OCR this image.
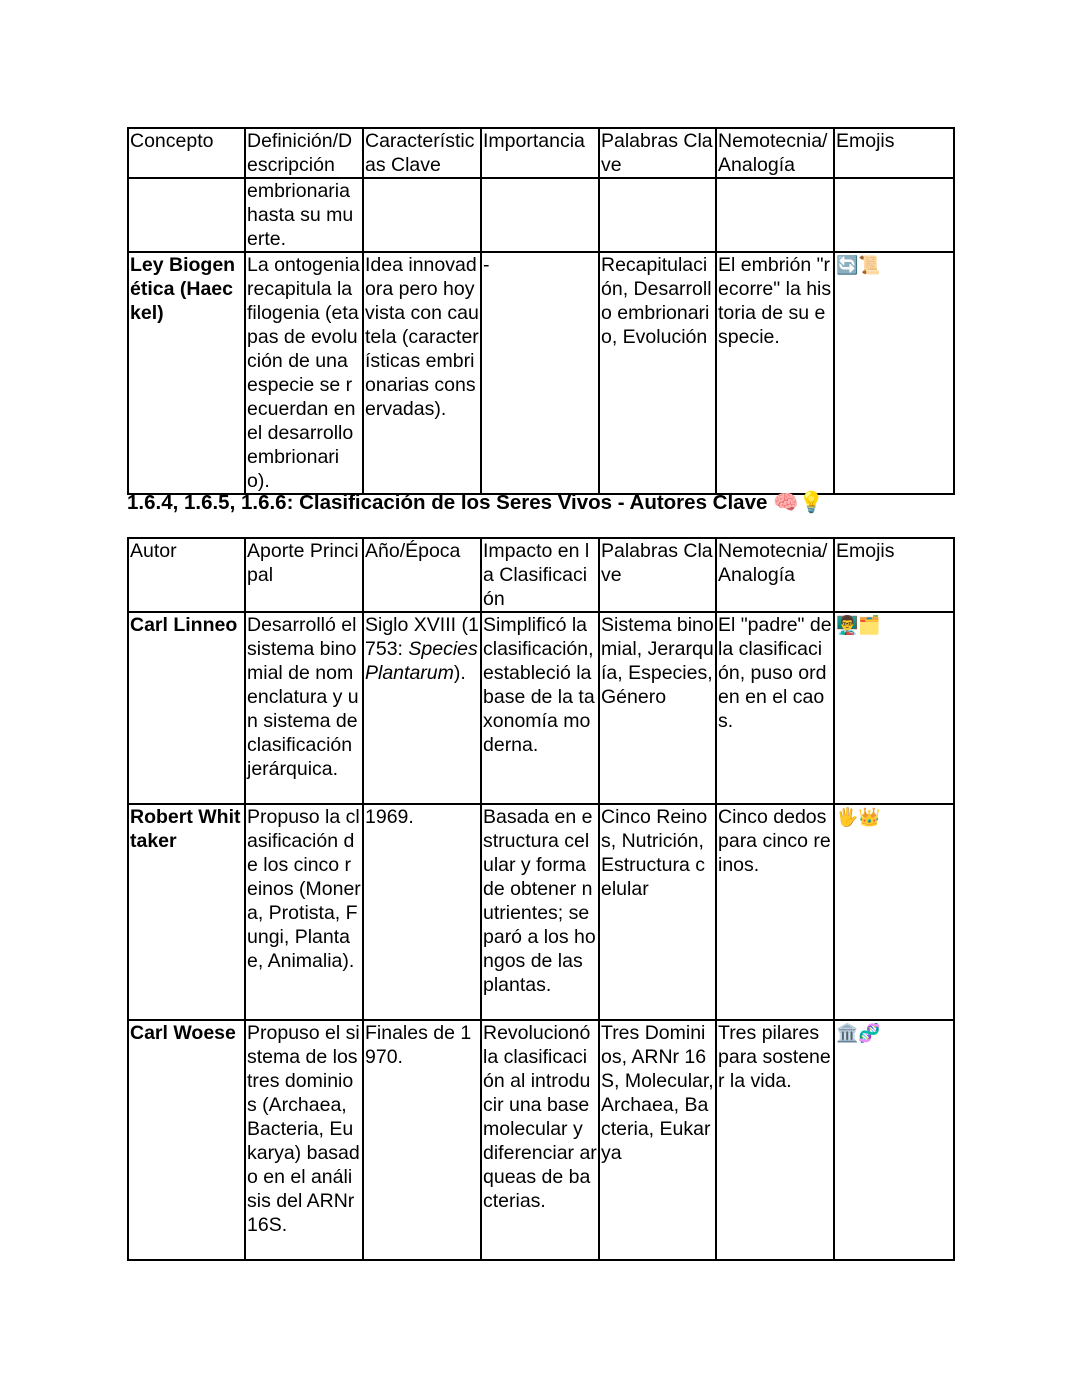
Concepto	Definición/Descripción	Características Clave	Importancia	Palabras Clave	Nemotecnia/ Analogía	Emojis
	embrionaria hasta su muerte.					
Ley Biogenética (Haeckel)	La ontogenia recapitula la filogenia (etapas de evolución de una especie se recuerdan en el desarrollo embrionario).	Idea innovadora pero hoy vista con cautela (características embrionarias conservadas).	-	Recapitulación, Desarrollo embrionario, Evolución	El embrión "recorre" la historia de su especie.	🔄📜
1.6.4, 1.6.5, 1.6.6: Clasificación de los Seres Vivos - Autores Clave 🧠💡
Autor	Aporte Principal	Año/Época	Impacto en la Clasificación	Palabras Clave	Nemotecnia/ Analogía	Emojis
Carl Linneo	Desarrolló el sistema binomial de nomenclatura y un sistema de clasificación jerárquica.	Siglo XVIII (1753: Species Plantarum).	Simplificó la clasificación, estableció la base de la taxonomía moderna.	Sistema binomial, Jerarquía, Especies, Género	El "padre" de la clasificación, puso orden en el caos.	👨‍🏫🗂️
Robert Whittaker	Propuso la clasificación de los cinco reinos (Monera, Protista, Fungi, Plantae, Animalia).	1969.	Basada en estructura celular y forma de obtener nutrientes; separó a los hongos de las plantas.	Cinco Reinos, Nutrición, Estructura celular	Cinco dedos para cinco reinos.	🖐️👑
Carl Woese	Propuso el sistema de los tres dominios (Archaea, Bacteria, Eukarya) basado en el análisis del ARNr 16S.	Finales de 1970.	Revolucionó la clasificación al introducir una base molecular y diferenciar arqueas de bacterias.	Tres Dominios, ARNr 16S, Molecular, Archaea, Bacteria, Eukarya	Tres pilares para sostener la vida.	🏛️🧬
